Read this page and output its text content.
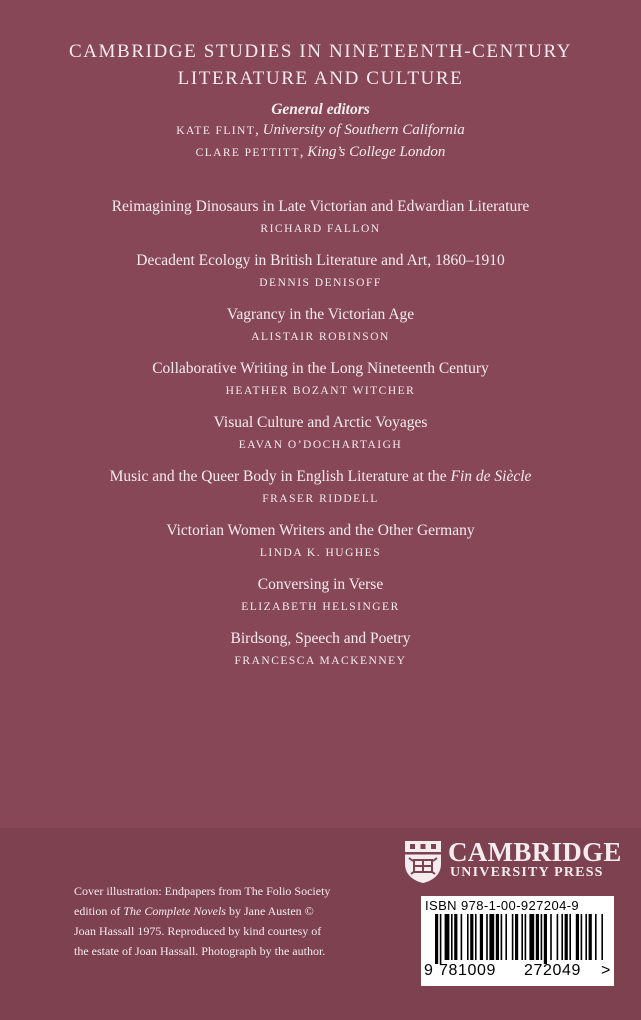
CAMBRIDGE STUDIES IN NINETEENTH-CENTURY
LITERATURE AND CULTURE
General editors
KATE FLINT, University of Southern California
CLARE PETTITT, King’s College London
Reimagining Dinosaurs in Late Victorian and Edwardian Literature
RICHARD FALLON
Decadent Ecology in British Literature and Art, 1860–1910
DENNIS DENISOFF
Vagrancy in the Victorian Age
ALISTAIR ROBINSON
Collaborative Writing in the Long Nineteenth Century
HEATHER BOZANT WITCHER
Visual Culture and Arctic Voyages
EAVAN O’DOCHARTAIGH
Music and the Queer Body in English Literature at the Fin de Siècle
FRASER RIDDELL
Victorian Women Writers and the Other Germany
LINDA K. HUGHES
Conversing in Verse
ELIZABETH HELSINGER
Birdsong, Speech and Poetry
FRANCESCA MACKENNEY
Cover illustration: Endpapers from The Folio Society edition of The Complete Novels by Jane Austen © Joan Hassall 1975. Reproduced by kind courtesy of the estate of Joan Hassall. Photograph by the author.
CAMBRIDGE
UNIVERSITY PRESS
ISBN 978-1-00-927204-9
9 781009 272049 >
